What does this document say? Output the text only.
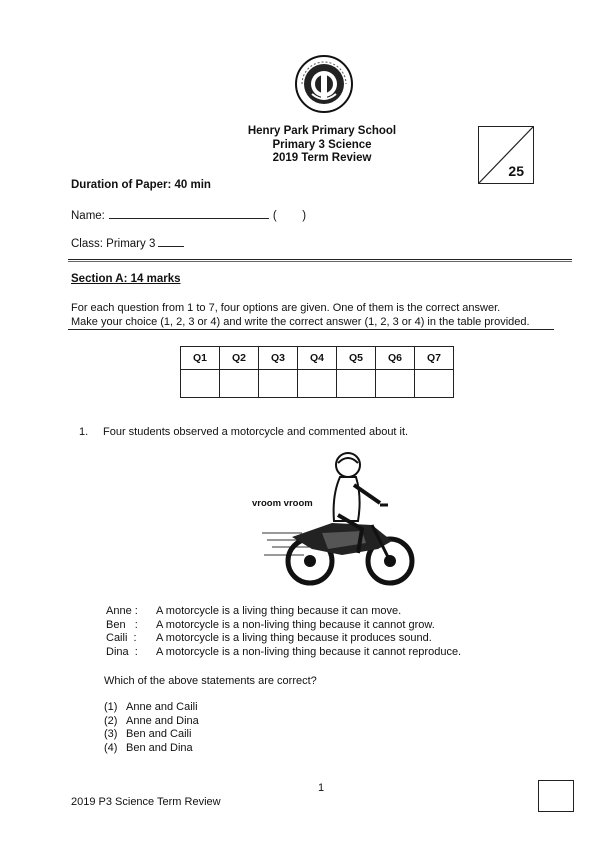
Henry Park Primary School
Primary 3 Science
2019 Term Review
25
Duration of Paper: 40 min
Name:	(        )
Class: Primary 3
Section A: 14 marks
For each question from 1 to 7, four options are given. One of them is the correct answer.
Make your choice (1, 2, 3 or 4) and write the correct answer (1, 2, 3 or 4) in the table provided.
Q1	Q2	Q3	Q4	Q5	Q6	Q7

1. Four students observed a motorcycle and commented about it.
vroom vroom
Anne :	A motorcycle is a living thing because it can move.
Ben   :	A motorcycle is a non-living thing because it cannot grow.
Caili  :	A motorcycle is a living thing because it produces sound.
Dina  :	A motorcycle is a non-living thing because it cannot reproduce.
Which of the above statements are correct?
(1) Anne and Caili
(2) Anne and Dina
(3) Ben and Caili
(4) Ben and Dina
1
2019 P3 Science Term Review
